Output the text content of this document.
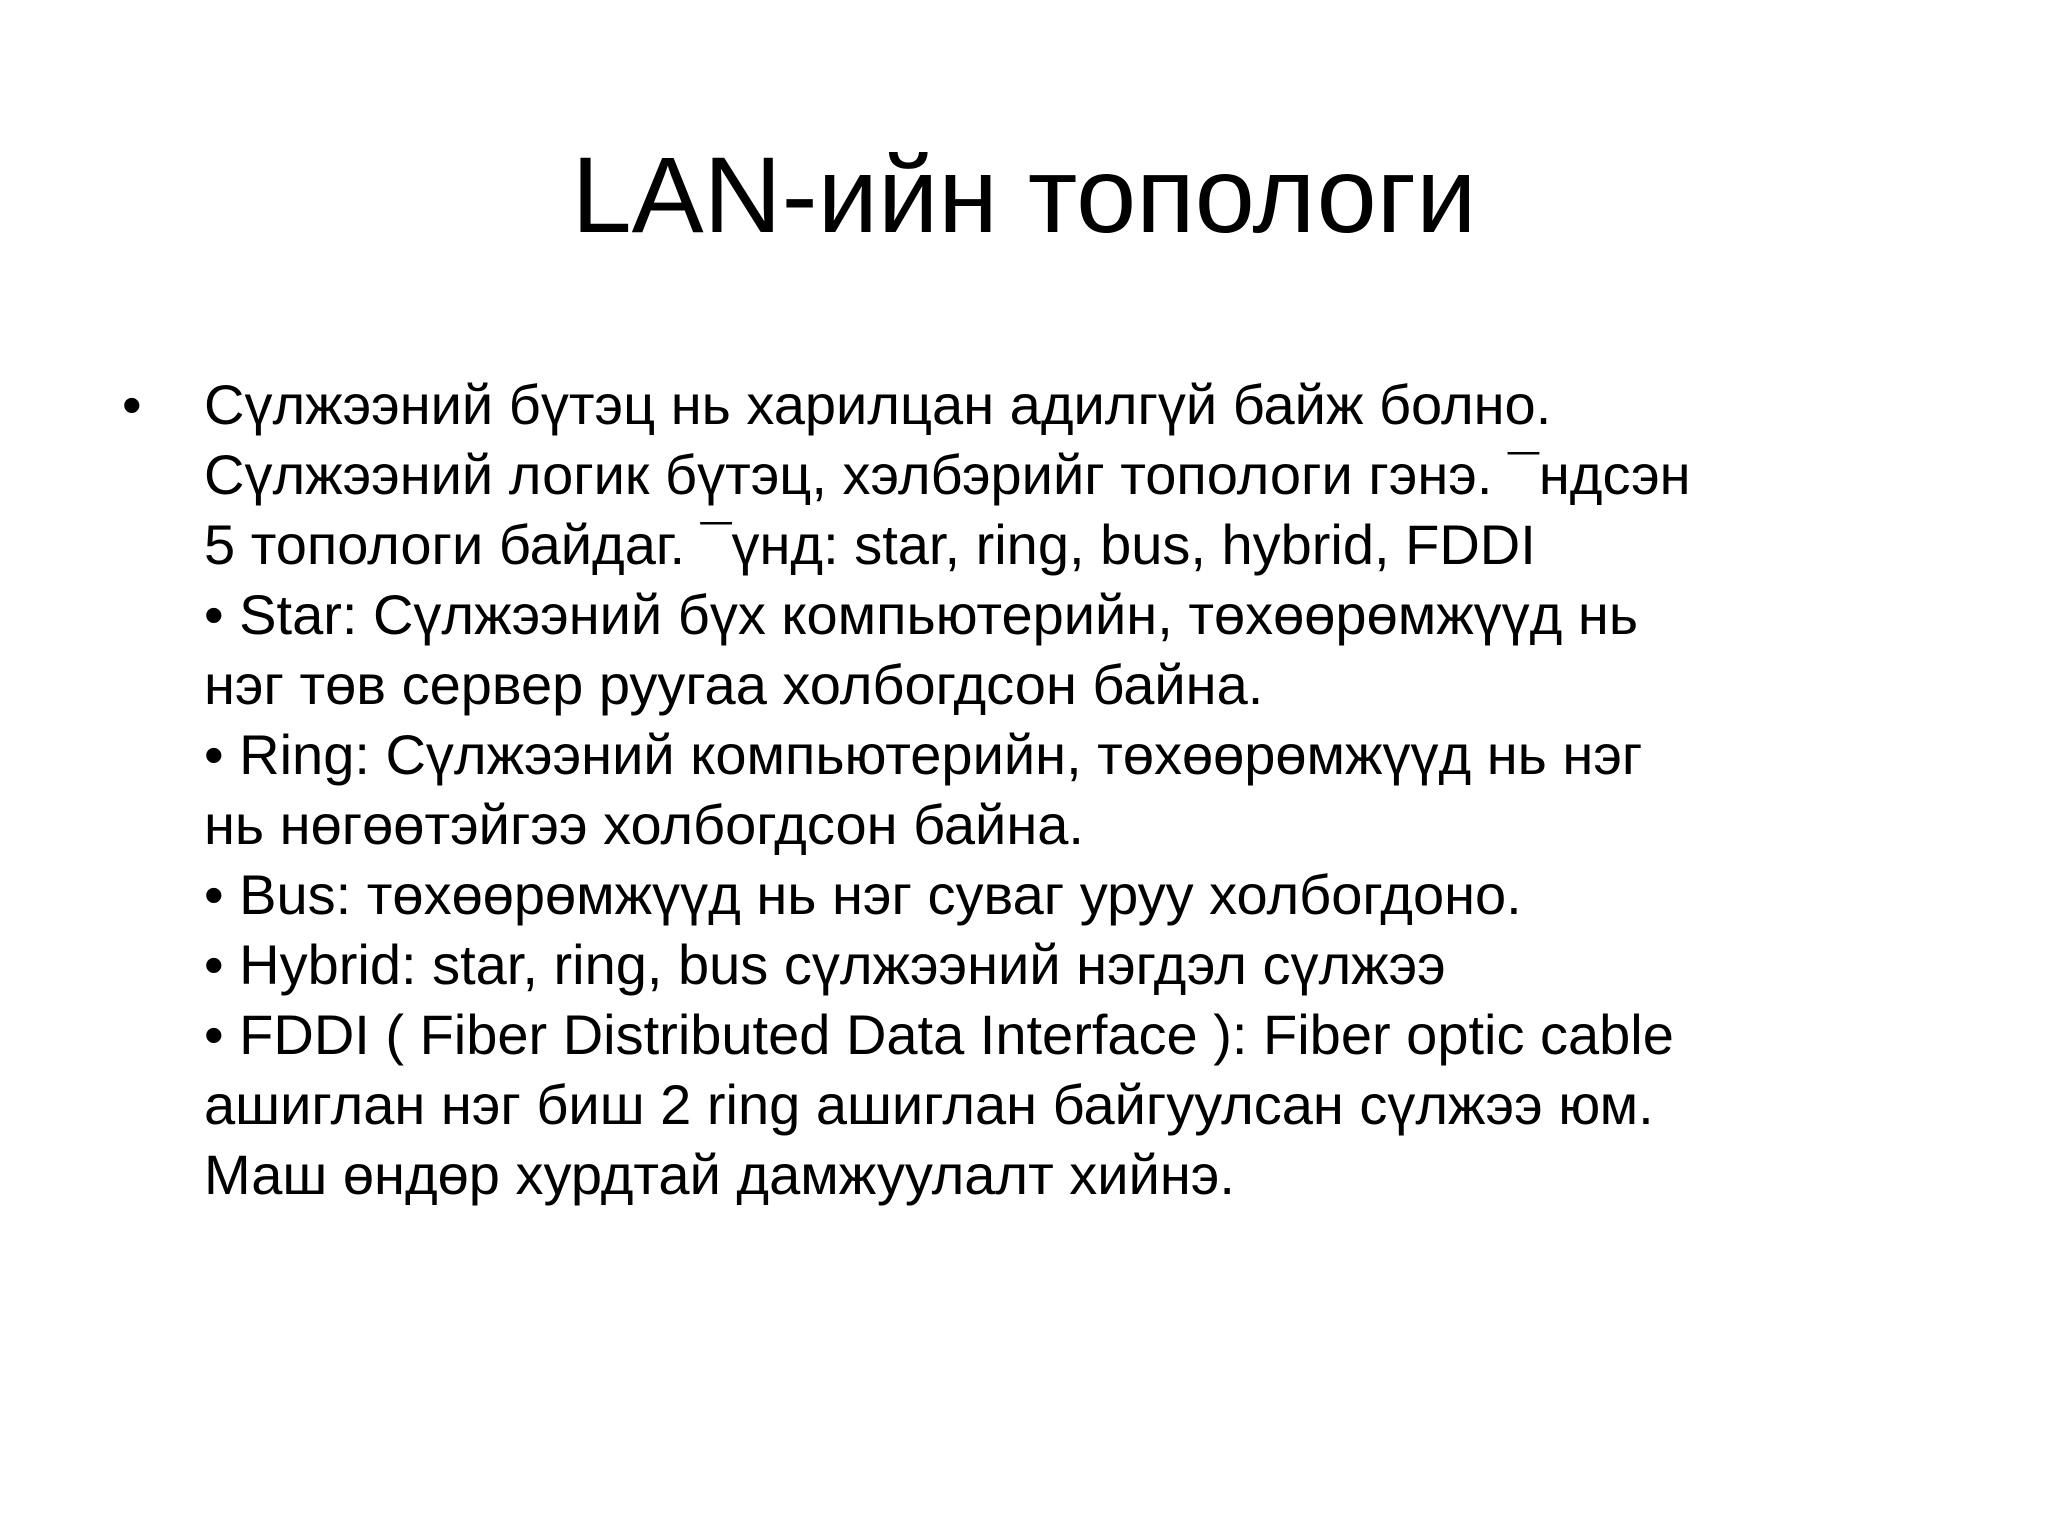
LAN-ийн топологи
• Сүлжээний бүтэц нь харилцан адилгүй байж болно.
Сүлжээний логик бүтэц, хэлбэрийг топологи гэнэ. ¯ндсэн
5 топологи байдаг. ¯үнд: star, ring, bus, hybrid, FDDI
• Star: Сүлжээний бүх компьютерийн, төхөөрөмжүүд нь
нэг төв сервер руугаа холбогдсон байна.
• Ring: Сүлжээний компьютерийн, төхөөрөмжүүд нь нэг
нь нөгөөтэйгээ холбогдсон байна.
• Bus: төхөөрөмжүүд нь нэг суваг уруу холбогдоно.
• Hybrid: star, ring, bus сүлжээний нэгдэл сүлжээ
• FDDI ( Fiber Distributed Data Interface ): Fiber optic cable
ашиглан нэг биш 2 ring ашиглан байгуулсан сүлжээ юм.
Маш өндөр хурдтай дамжуулалт хийнэ.
